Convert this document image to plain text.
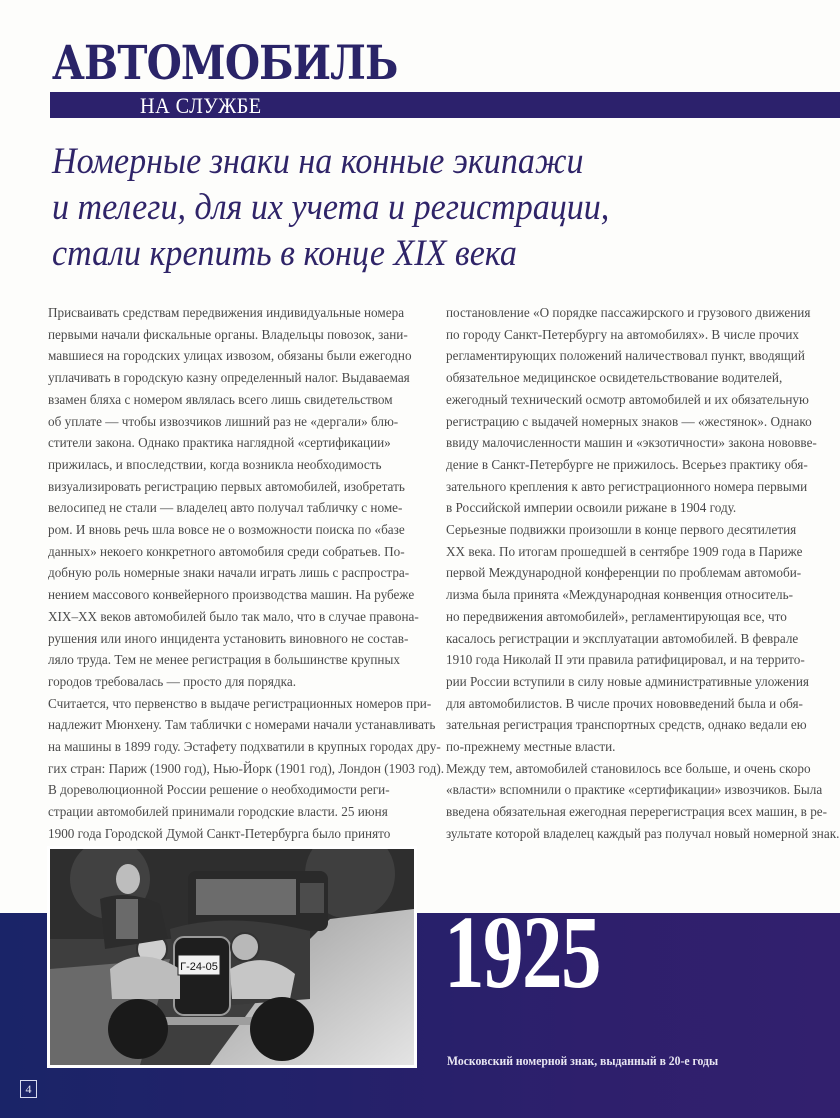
АВТОМОБИЛЬ
НА СЛУЖБЕ
Номерные знаки на конные экипажи
и телеги, для их учета и регистрации,
стали крепить в конце XIX века
Присваивать средствам передвижения индивидуальные номера
первыми начали фискальные органы. Владельцы повозок, зани-
мавшиеся на городских улицах извозом, обязаны были ежегодно
уплачивать в городскую казну определенный налог. Выдаваемая
взамен бляха с номером являлась всего лишь свидетельством
об уплате — чтобы извозчиков лишний раз не «дергали» блю-
стители закона. Однако практика наглядной «сертификации»
прижилась, и впоследствии, когда возникла необходимость
визуализировать регистрацию первых автомобилей, изобретать
велосипед не стали — владелец авто получал табличку с номе-
ром. И вновь речь шла вовсе не о возможности поиска по «базе
данных» некоего конкретного автомобиля среди собратьев. По-
добную роль номерные знаки начали играть лишь с распростра-
нением массового конвейерного производства машин. На рубеже
XIX–XX веков автомобилей было так мало, что в случае правона-
рушения или иного инцидента установить виновного не состав-
ляло труда. Тем не менее регистрация в большинстве крупных
городов требовалась — просто для порядка.
Считается, что первенство в выдаче регистрационных номеров при-
надлежит Мюнхену. Там таблички с номерами начали устанавливать
на машины в 1899 году. Эстафету подхватили в крупных городах дру-
гих стран: Париж (1900 год), Нью-Йорк (1901 год), Лондон (1903 год).
В дореволюционной России решение о необходимости реги-
страции автомобилей принимали городские власти. 25 июня
1900 года Городской Думой Санкт-Петербурга было принято
постановление «О порядке пассажирского и грузового движения
по городу Санкт-Петербургу на автомобилях». В числе прочих
регламентирующих положений наличествовал пункт, вводящий
обязательное медицинское освидетельствование водителей,
ежегодный технический осмотр автомобилей и их обязательную
регистрацию с выдачей номерных знаков — «жестянок». Однако
ввиду малочисленности машин и «экзотичности» закона нововве-
дение в Санкт-Петербурге не прижилось. Всерьез практику обя-
зательного крепления к авто регистрационного номера первыми
в Российской империи освоили рижане в 1904 году.
Серьезные подвижки произошли в конце первого десятилетия
XX века. По итогам прошедшей в сентябре 1909 года в Париже
первой Международной конференции по проблемам автомоби-
лизма была принята «Международная конвенция относитель-
но передвижения автомобилей», регламентирующая все, что
касалось регистрации и эксплуатации автомобилей. В феврале
1910 года Николай II эти правила ратифицировал, и на террито-
рии России вступили в силу новые административные уложения
для автомобилистов. В числе прочих нововведений была и обя-
зательная регистрация транспортных средств, однако ведали ею
по-прежнему местные власти.
Между тем, автомобилей становилось все больше, и очень скоро
«власти» вспомнили о практике «сертификации» извозчиков. Была
введена обязательная ежегодная перерегистрация всех машин, в ре-
зультате которой владелец каждый раз получал новый номерной знак.
Г-24-05 1925
Московский номерной знак, выданный в 20-е годы
4
